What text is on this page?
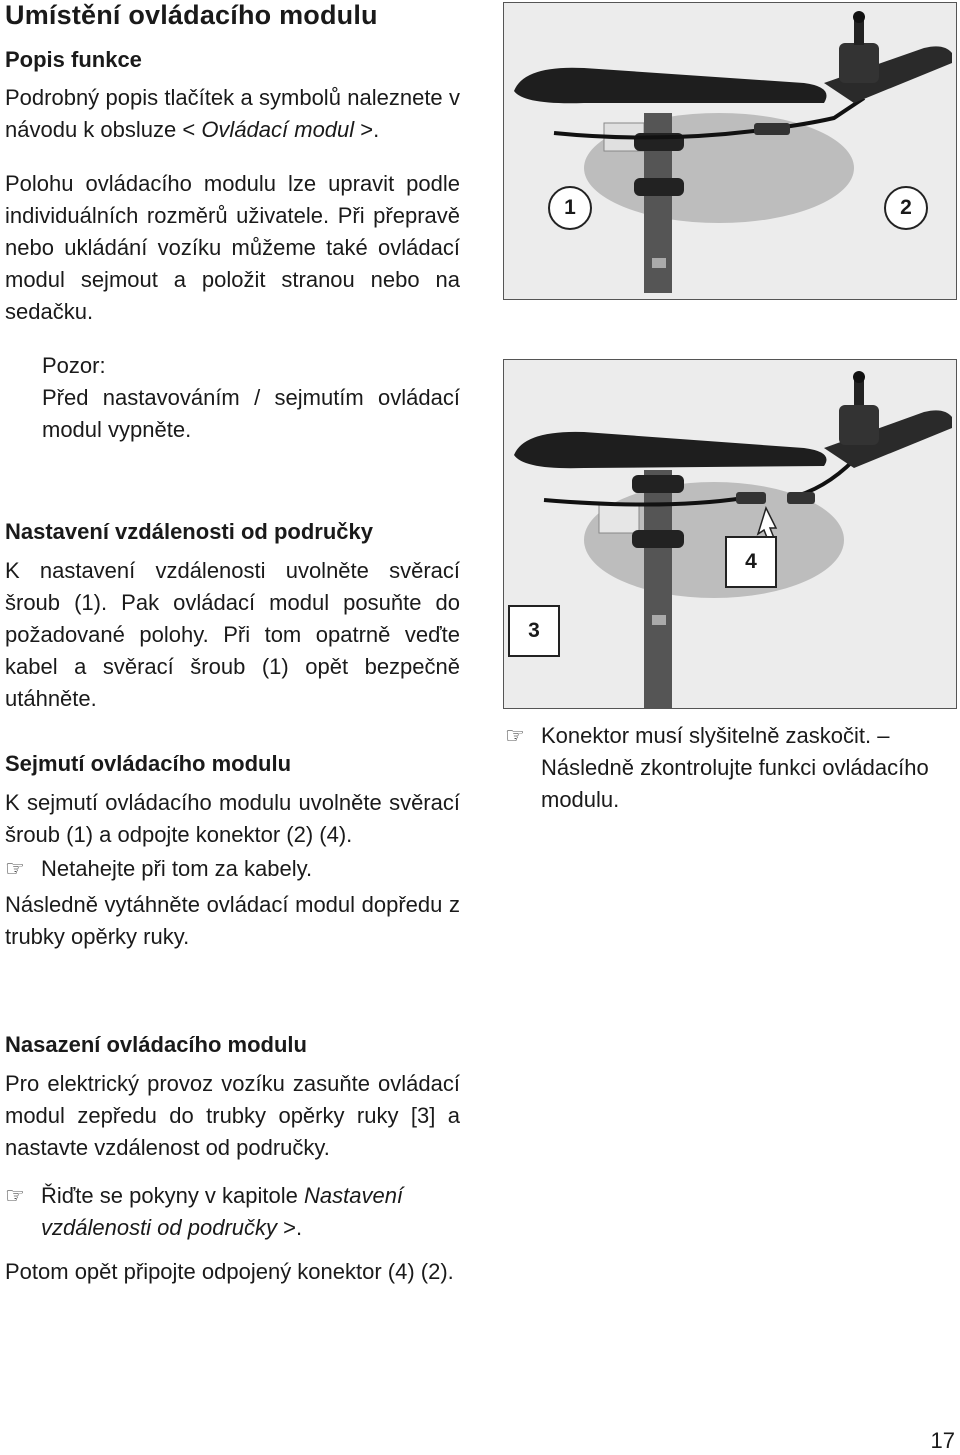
Umístění ovládacího modulu

Popis funkce

Podrobný popis tlačítek a symbolů naleznete v návodu k obsluze < Ovládací modul >.

Polohu ovládacího modulu lze upravit podle individuálních rozměrů uživatele. Při přepravě nebo ukládání vozíku můžeme také ovládací modul sejmout a položit stranou nebo na sedačku.

Pozor:

Před nastavováním / sejmutím ovládací modul vypněte.

Nastavení vzdálenosti od područky

K nastavení vzdálenosti uvolněte svěrací šroub (1). Pak ovládací modul posuňte do požadované polohy. Při tom opatrně veďte kabel a svěrací šroub (1) opět bezpečně utáhněte.

Sejmutí ovládacího modulu

K sejmutí ovládacího modulu uvolněte svěrací šroub (1) a odpojte konektor (2) (4).

☞ Netahejte při tom za kabely.

Následně vytáhněte ovládací modul dopředu z trubky opěrky ruky.

Nasazení ovládacího modulu

Pro elektrický provoz vozíku zasuňte ovládací modul zepředu do trubky opěrky ruky [3] a nastavte vzdálenost od područky.

☞ Řiďte se pokyny v kapitole Nastavení vzdálenosti od područky >.

Potom opět připojte odpojený konektor (4) (2).

1	2
3
4
☞ Konektor musí slyšitelně zaskočit. – Následně zkontrolujte funkci ovládacího modulu.
17
